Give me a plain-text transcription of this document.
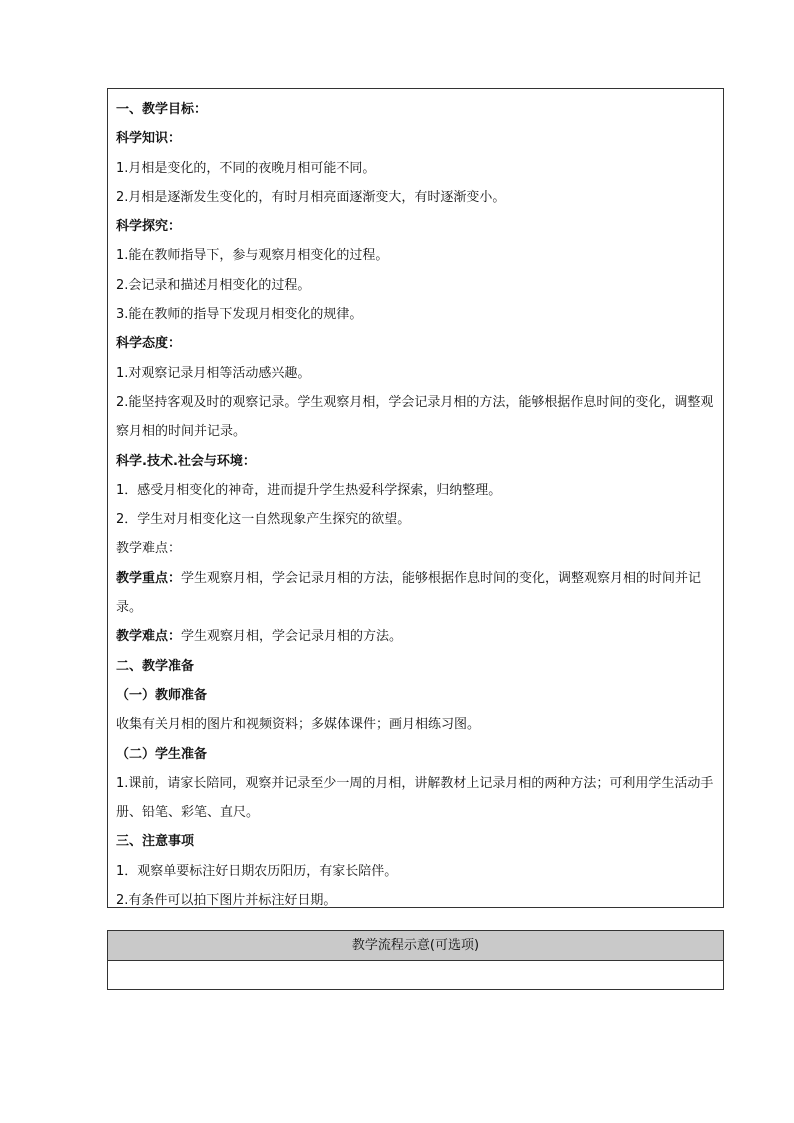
一、教学目标：
科学知识：
1.月相是变化的，不同的夜晚月相可能不同。
2.月相是逐渐发生变化的，有时月相亮面逐渐变大，有时逐渐变小。
科学探究：
1.能在教师指导下，参与观察月相变化的过程。
2.会记录和描述月相变化的过程。
3.能在教师的指导下发现月相变化的规律。
科学态度：
1.对观察记录月相等活动感兴趣。
2.能坚持客观及时的观察记录。学生观察月相，学会记录月相的方法，能够根据作息时间的变化，调整观察月相的时间并记录。
科学.技术.社会与环境：
1．感受月相变化的神奇，进而提升学生热爱科学探索，归纳整理。
2．学生对月相变化这一自然现象产生探究的欲望。
教学难点：
教学重点：学生观察月相，学会记录月相的方法，能够根据作息时间的变化，调整观察月相的时间并记录。
教学难点：学生观察月相，学会记录月相的方法。
二、教学准备
（一）教师准备
收集有关月相的图片和视频资料；多媒体课件；画月相练习图。
（二）学生准备
1.课前，请家长陪同，观察并记录至少一周的月相，讲解教材上记录月相的两种方法；可利用学生活动手册、铅笔、彩笔、直尺。
三、注意事项
1．观察单要标注好日期农历阳历，有家长陪伴。
2.有条件可以拍下图片并标注好日期。
教学流程示意(可选项)
